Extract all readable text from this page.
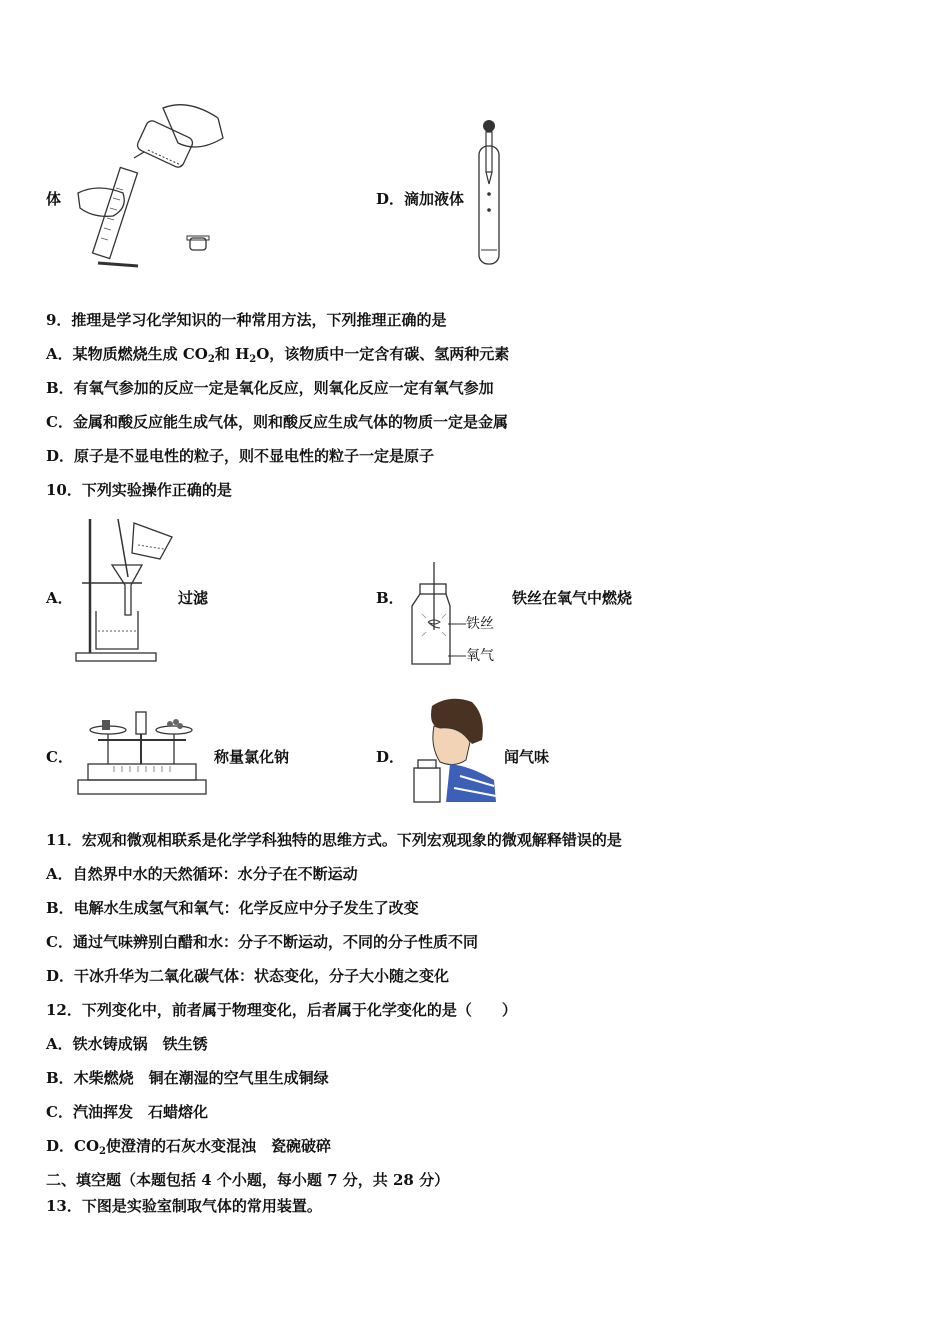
体	D．滴加液体
9．推理是学习化学知识的一种常用方法，下列推理正确的是
A．某物质燃烧生成 $CO_2$和 $H_2O$，该物质中一定含有碳、氢两种元素
B．有氧气参加的反应一定是氧化反应，则氧化反应一定有氧气参加
C．金属和酸反应能生成气体，则和酸反应生成气体的物质一定是金属
D．原子是不显电性的粒子，则不显电性的粒子一定是原子
10．下列实验操作正确的是
A．	过滤	B．
铁丝
氧气
铁丝在氧气中燃烧
C．	称量氯化钠	D．	闻气味
11．宏观和微观相联系是化学学科独特的思维方式。下列宏观现象的微观解释错误的是
A．自然界中水的天然循环：水分子在不断运动
B．电解水生成氢气和氧气：化学反应中分子发生了改变
C．通过气味辨别白醋和水：分子不断运动，不同的分子性质不同
D．干冰升华为二氧化碳气体：状态变化，分子大小随之变化
12．下列变化中，前者属于物理变化，后者属于化学变化的是（　　）
A．铁水铸成锅　铁生锈
B．木柴燃烧　铜在潮湿的空气里生成铜绿
C．汽油挥发　石蜡熔化
D．$CO_2$使澄清的石灰水变混浊　瓷碗破碎
二、填空题（本题包括 4 个小题，每小题 7 分，共 28 分）
13．下图是实验室制取气体的常用装置。
